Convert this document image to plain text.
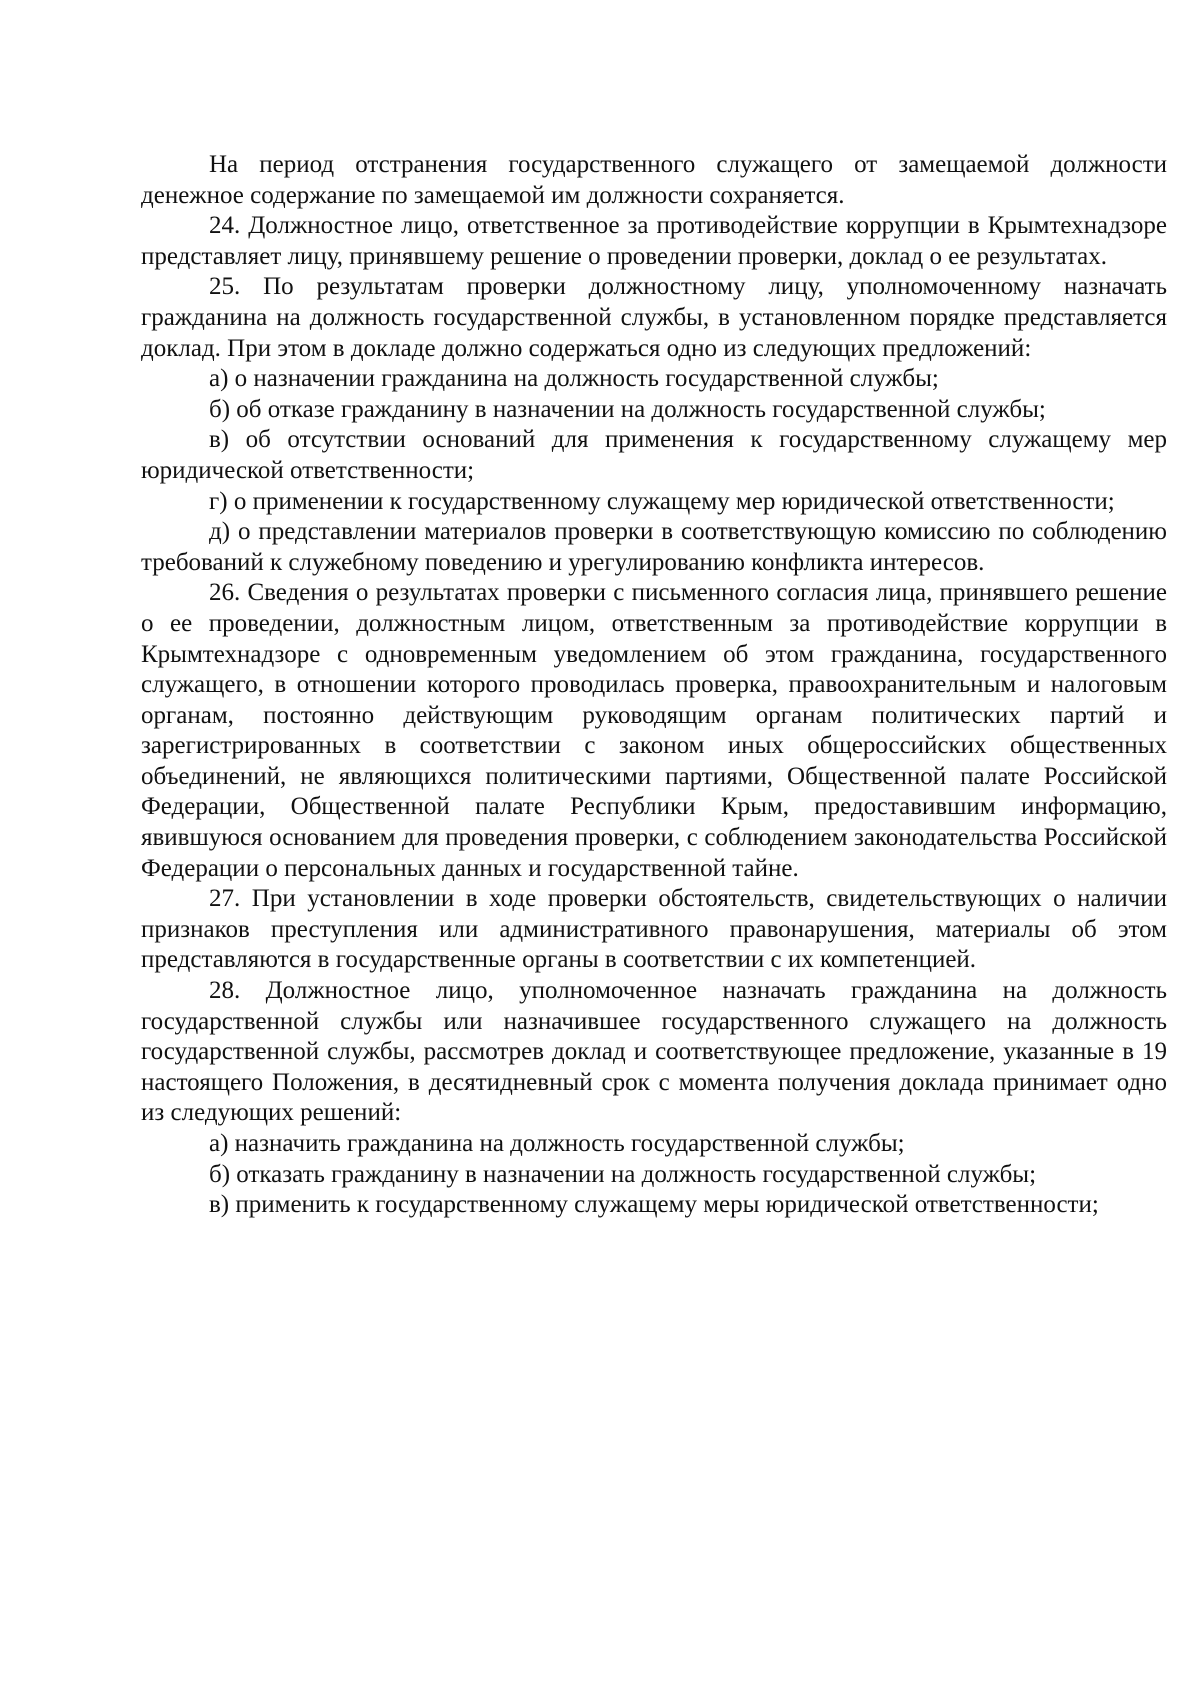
На период отстранения государственного служащего от замещаемой должности денежное содержание по замещаемой им должности сохраняется.

24. Должностное лицо, ответственное за противодействие коррупции в Крымтехнадзоре представляет лицу, принявшему решение о проведении проверки, доклад о ее результатах.

25. По результатам проверки должностному лицу, уполномоченному назначать гражданина на должность государственной службы, в установленном порядке представляется доклад. При этом в докладе должно содержаться одно из следующих предложений:

а) о назначении гражданина на должность государственной службы;

б) об отказе гражданину в назначении на должность государственной службы;

в) об отсутствии оснований для применения к государственному служащему мер юридической ответственности;

г) о применении к государственному служащему мер юридической ответственности;

д) о представлении материалов проверки в соответствующую комиссию по соблюдению требований к служебному поведению и урегулированию конфликта интересов.

26. Сведения о результатах проверки с письменного согласия лица, принявшего решение о ее проведении, должностным лицом, ответственным за противодействие коррупции в Крымтехнадзоре с одновременным уведомлением об этом гражданина, государственного служащего, в отношении которого проводилась проверка, правоохранительным и налоговым органам, постоянно действующим руководящим органам политических партий и зарегистрированных в соответствии с законом иных общероссийских общественных объединений, не являющихся политическими партиями, Общественной палате Российской Федерации, Общественной палате Республики Крым, предоставившим информацию, явившуюся основанием для проведения проверки, с соблюдением законодательства Российской Федерации о персональных данных и государственной тайне.

27. При установлении в ходе проверки обстоятельств, свидетельствующих о наличии признаков преступления или административного правонарушения, материалы об этом представляются в государственные органы в соответствии с их компетенцией.

28. Должностное лицо, уполномоченное назначать гражданина на должность государственной службы или назначившее государственного служащего на должность государственной службы, рассмотрев доклад и соответствующее предложение, указанные в 19 настоящего Положения, в десятидневный срок с момента получения доклада принимает одно из следующих решений:

а) назначить гражданина на должность государственной службы;

б) отказать гражданину в назначении на должность государственной службы;

в) применить к государственному служащему меры юридической ответственности;
